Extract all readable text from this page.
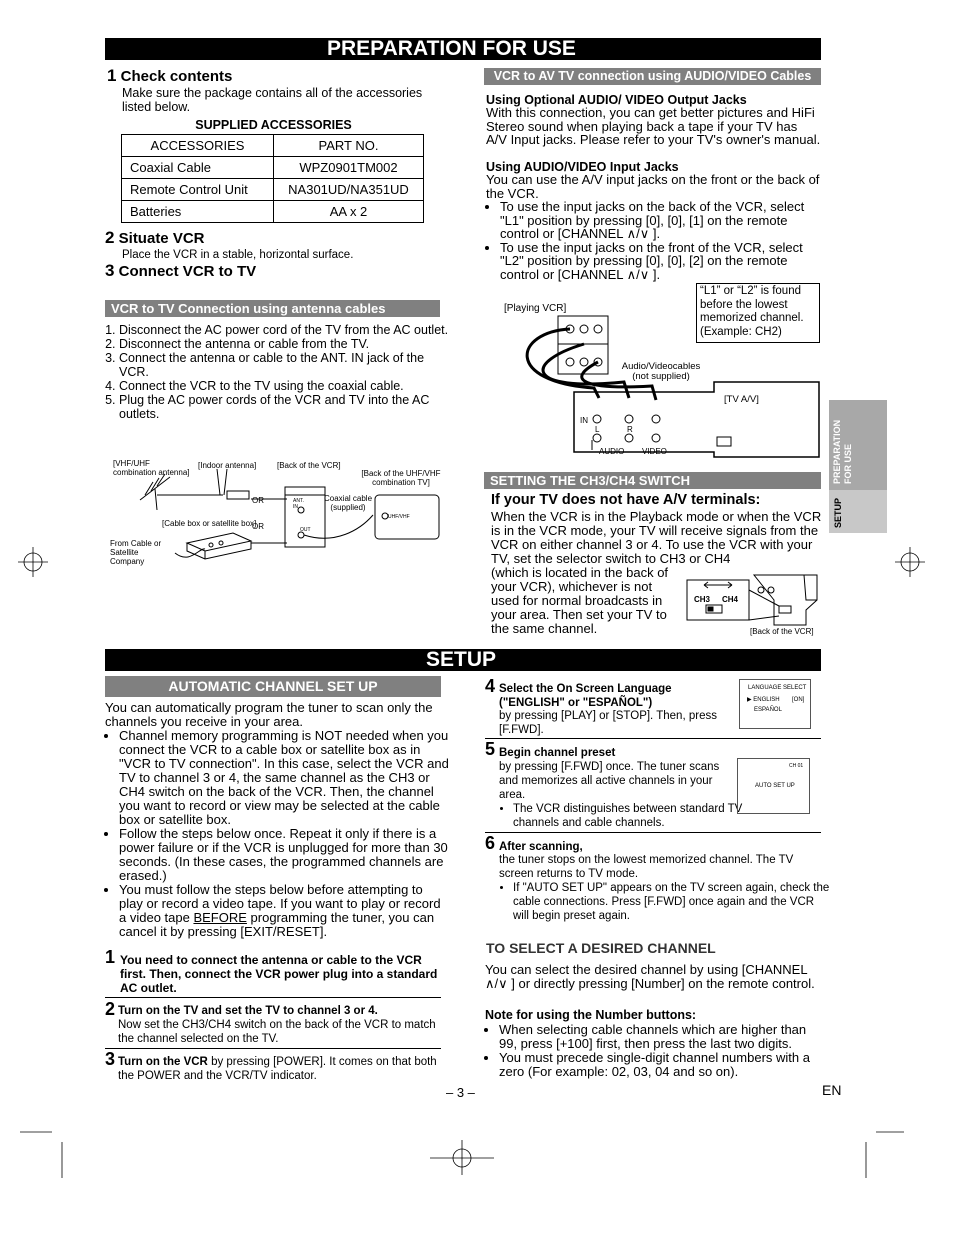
PREPARATION FOR USE
1 Check contents
Make sure the package contains all of the accessories listed below.
SUPPLIED ACCESSORIES
ACCESSORIES	PART NO.
Coaxial Cable	WPZ0901TM002
Remote Control Unit	NA301UD/NA351UD
Batteries	AA x 2
2 Situate VCR
Place the VCR in a stable, horizontal surface.
3 Connect VCR to TV
VCR to TV Connection using antenna cables
1. Disconnect the AC power cord of the TV from the AC outlet.
2. Disconnect the antenna or cable from the TV.
3. Connect the antenna or cable to the ANT. IN jack of the VCR.
4. Connect the VCR to the TV using the coaxial cable.
5. Plug the AC power cords of the VCR and TV into the AC outlets.
[VHF/UHF combination antenna]
[Indoor antenna]	[Back of the VCR]
[Back of the UHF/VHF combination TV]
Coaxial cable (supplied)
[Cable box or satellite box]
From Cable or Satellite Company
OR
OR
ANT. IN
OUT
UHF/VHF
VCR to AV TV connection using AUDIO/VIDEO Cables
Using Optional AUDIO/ VIDEO Output Jacks
With this connection, you can get better pictures and HiFi Stereo sound when playing back a tape if your TV has A/V Input jacks. Please refer to your TV's owner's manual.
Using AUDIO/VIDEO Input Jacks
You can use the A/V input jacks on the front or the back of the VCR.
• To use the input jacks on the back of the VCR, select "L1" position by pressing [0], [0], [1] on the remote control or [CHANNEL ∧/∨ ].
• To use the input jacks on the front of the VCR, select "L2" position by pressing [0], [0], [2] on the remote control or [CHANNEL ∧/∨ ].
[Playing VCR]
“L1” or “L2” is found before the lowest memorized channel. (Example: CH2)
Audio/Videocables (not supplied)
[TV A/V]
IN
L	R
AUDIO VIDEO
SETTING THE CH3/CH4 SWITCH
If your TV does not have A/V terminals:
When the VCR is in the Playback mode or when the VCR is in the VCR mode, your TV will receive signals from the VCR on either channel 3 or 4. To use the VCR with your TV, set the selector switch to CH3 or CH4
(which is located in the back of your VCR), whichever is not used for normal broadcasts in your area. Then set your TV to the same channel.
CH3 CH4
[Back of the VCR]
PREPARATION FOR USE
SETUP
SETUP
AUTOMATIC CHANNEL SET UP
You can automatically program the tuner to scan only the channels you receive in your area.
• Channel memory programming is NOT needed when you connect the VCR to a cable box or satellite box as in "VCR to TV connection". In this case, select the VCR and TV to channel 3 or 4, the same channel as the CH3 or CH4 switch on the back of the VCR. Then, the channel you want to record or view may be selected at the cable box or satellite box.
• Follow the steps below once. Repeat it only if there is a power failure or if the VCR is unplugged for more than 30 seconds. (In these cases, the programmed channels are erased.)
• You must follow the steps below before attempting to play or record a video tape. If you want to play or record a video tape BEFORE programming the tuner, you can cancel it by pressing [EXIT/RESET].
1 You need to connect the antenna or cable to the VCR first. Then, connect the VCR power plug into a standard AC outlet.
2 Turn on the TV and set the TV to channel 3 or 4.
Now set the CH3/CH4 switch on the back of the VCR to match the channel selected on the TV.
3 Turn on the VCR by pressing [POWER]. It comes on that both the POWER and the VCR/TV indicator.
4 Select the On Screen Language ("ENGLISH" or "ESPAÑOL")
by pressing [PLAY] or [STOP]. Then, press [F.FWD].
LANGUAGE SELECT
▶ ENGLISH [ON]
ESPAÑOL
5 Begin channel preset
by pressing [F.FWD] once. The tuner scans and memorizes all active channels in your area.
• The VCR distinguishes between standard TV channels and cable channels.
CH 01
AUTO SET UP
6 After scanning,
the tuner stops on the lowest memorized channel. The TV screen returns to TV mode.
• If "AUTO SET UP" appears on the TV screen again, check the cable connections. Press [F.FWD] once again and the VCR will begin preset again.
TO SELECT A DESIRED CHANNEL
You can select the desired channel by using [CHANNEL ∧/∨ ] or directly pressing [Number] on the remote control.
Note for using the Number buttons:
• When selecting cable channels which are higher than 99, press [+100] first, then press the last two digits.
• You must precede single-digit channel numbers with a zero (For example: 02, 03, 04 and so on).
– 3 –	EN
